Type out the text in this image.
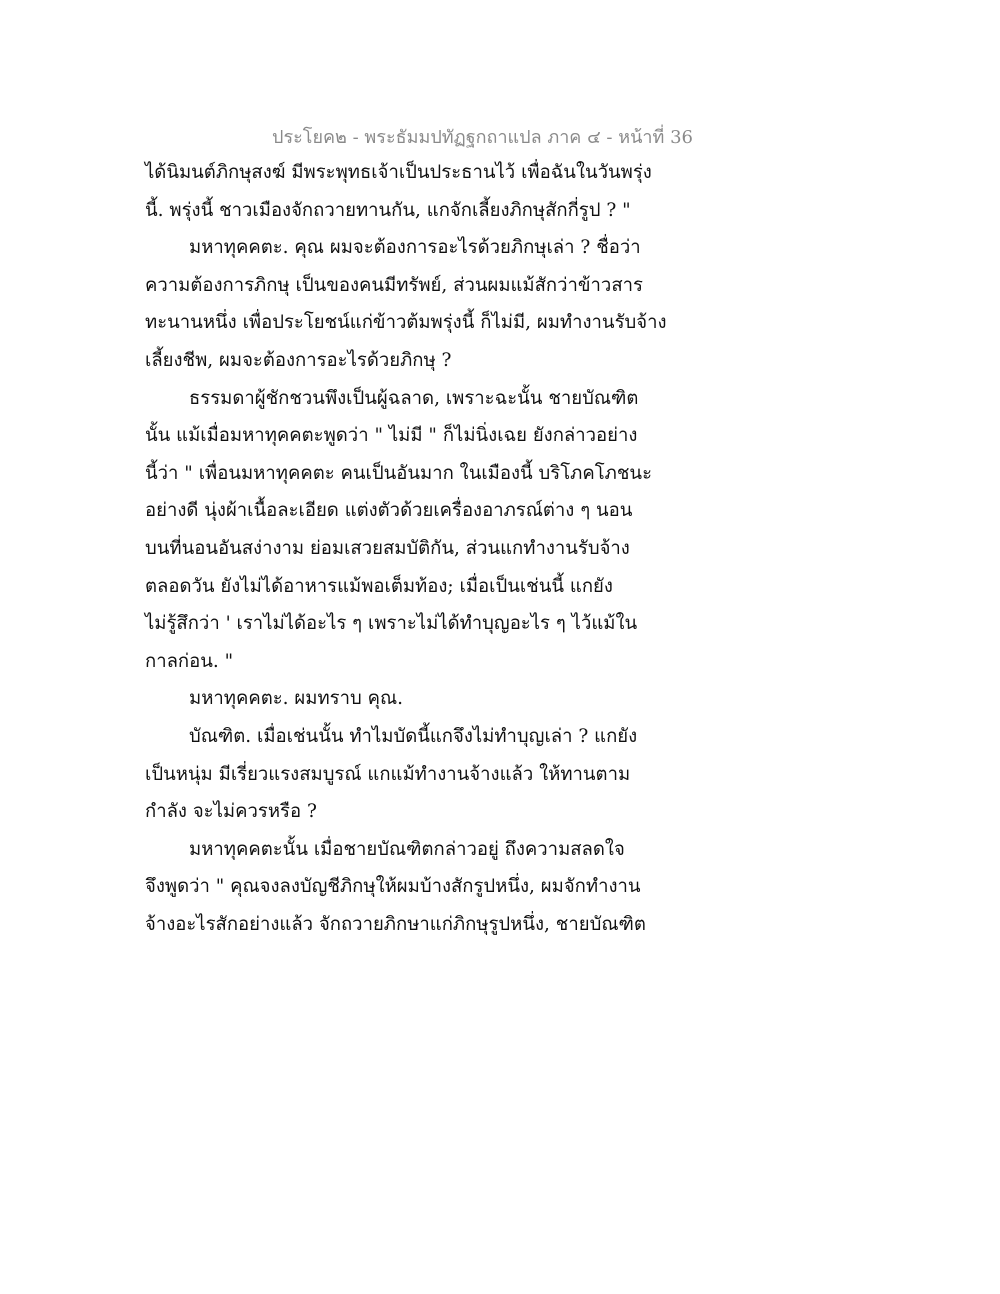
ประโยค๒ - พระธัมมปทัฏฐกถาแปล ภาค ๔ - หน้าที่ 36
ได้นิมนต์ภิกษุสงฆ์ มีพระพุทธเจ้าเป็นประธานไว้ เพื่อฉันในวันพรุ่ง
นี้. พรุ่งนี้ ชาวเมืองจักถวายทานกัน, แกจักเลี้ยงภิกษุสักกี่รูป ? "
มหาทุคคตะ. คุณ ผมจะต้องการอะไรด้วยภิกษุเล่า ? ชื่อว่า
ความต้องการภิกษุ เป็นของคนมีทรัพย์, ส่วนผมแม้สักว่าข้าวสาร
ทะนานหนึ่ง เพื่อประโยชน์แก่ข้าวต้มพรุ่งนี้ ก็ไม่มี, ผมทำงานรับจ้าง
เลี้ยงชีพ, ผมจะต้องการอะไรด้วยภิกษุ ?
ธรรมดาผู้ชักชวนพึงเป็นผู้ฉลาด, เพราะฉะนั้น ชายบัณฑิต
นั้น แม้เมื่อมหาทุคคตะพูดว่า " ไม่มี " ก็ไม่นิ่งเฉย ยังกล่าวอย่าง
นี้ว่า " เพื่อนมหาทุคคตะ คนเป็นอันมาก ในเมืองนี้ บริโภคโภชนะ
อย่างดี นุ่งผ้าเนื้อละเอียด แต่งตัวด้วยเครื่องอาภรณ์ต่าง ๆ นอน
บนที่นอนอันสง่างาม ย่อมเสวยสมบัติกัน, ส่วนแกทำงานรับจ้าง
ตลอดวัน ยังไม่ได้อาหารแม้พอเต็มท้อง; เมื่อเป็นเช่นนี้ แกยัง
ไม่รู้สึกว่า ' เราไม่ได้อะไร ๆ เพราะไม่ได้ทำบุญอะไร ๆ ไว้แม้ใน
กาลก่อน. "
มหาทุคคตะ. ผมทราบ คุณ.
บัณฑิต. เมื่อเช่นนั้น ทำไมบัดนี้แกจึงไม่ทำบุญเล่า ? แกยัง
เป็นหนุ่ม มีเรี่ยวแรงสมบูรณ์ แกแม้ทำงานจ้างแล้ว ให้ทานตาม
กำลัง จะไม่ควรหรือ ?
มหาทุคคตะนั้น เมื่อชายบัณฑิตกล่าวอยู่ ถึงความสลดใจ
จึงพูดว่า " คุณจงลงบัญชีภิกษุให้ผมบ้างสักรูปหนึ่ง, ผมจักทำงาน
จ้างอะไรสักอย่างแล้ว จักถวายภิกษาแก่ภิกษุรูปหนึ่ง, ชายบัณฑิต
